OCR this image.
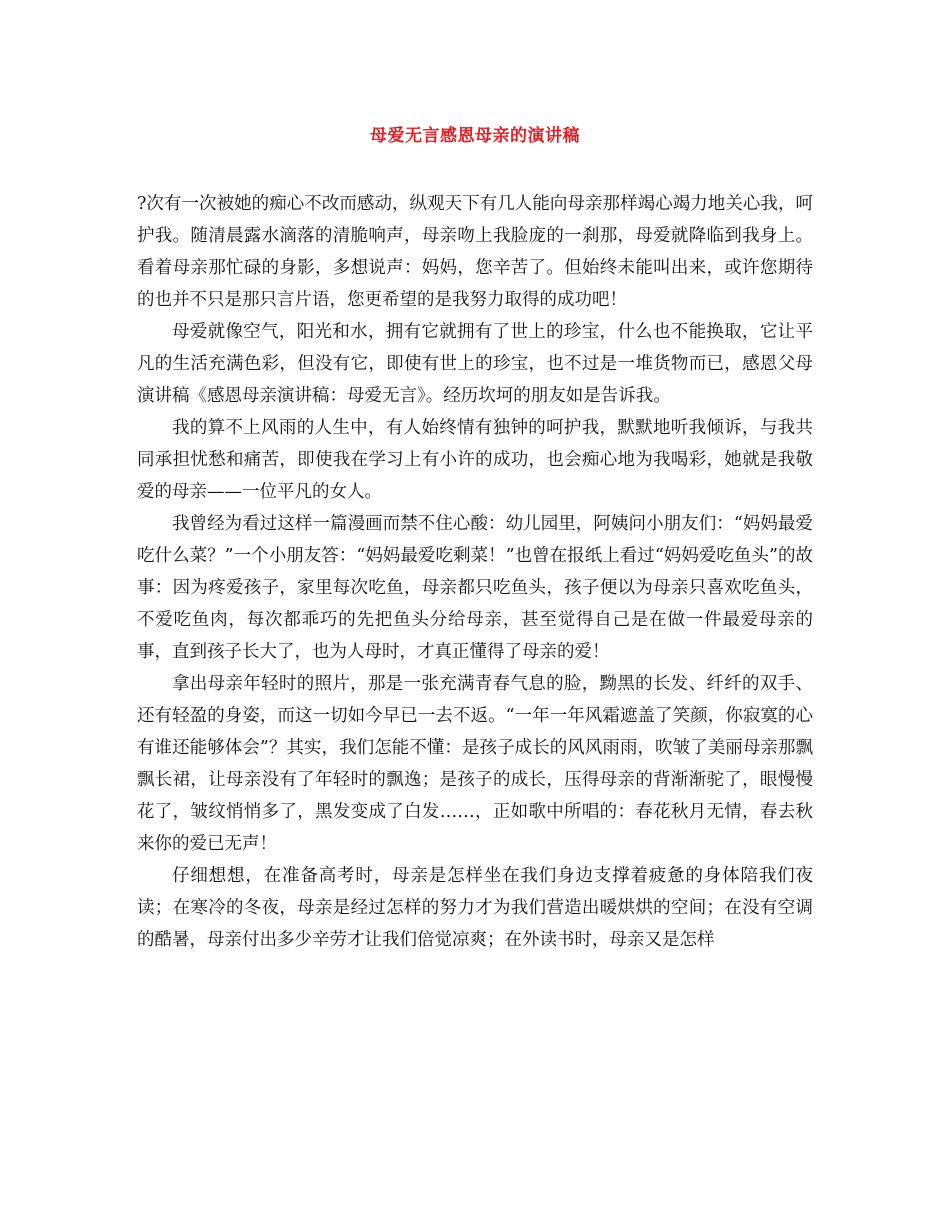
母爱无言感恩母亲的演讲稿

?次有一次被她的痴心不改而感动，纵观天下有几人能向母亲那样竭心竭力地关心我，呵护我。随清晨露水滴落的清脆响声，母亲吻上我脸庞的一刹那，母爱就降临到我身上。看着母亲那忙碌的身影，多想说声：妈妈，您辛苦了。但始终未能叫出来，或许您期待的也并不只是那只言片语，您更希望的是我努力取得的成功吧！

母爱就像空气，阳光和水，拥有它就拥有了世上的珍宝，什么也不能换取，它让平凡的生活充满色彩，但没有它，即使有世上的珍宝，也不过是一堆货物而已，感恩父母演讲稿《感恩母亲演讲稿：母爱无言》。经历坎坷的朋友如是告诉我。

我的算不上风雨的人生中，有人始终情有独钟的呵护我，默默地听我倾诉，与我共同承担忧愁和痛苦，即使我在学习上有小许的成功，也会痴心地为我喝彩，她就是我敬爱的母亲——一位平凡的女人。

我曾经为看过这样一篇漫画而禁不住心酸：幼儿园里，阿姨问小朋友们：“妈妈最爱吃什么菜？”一个小朋友答：“妈妈最爱吃剩菜！”也曾在报纸上看过“妈妈爱吃鱼头”的故事：因为疼爱孩子，家里每次吃鱼，母亲都只吃鱼头，孩子便以为母亲只喜欢吃鱼头，不爱吃鱼肉，每次都乖巧的先把鱼头分给母亲，甚至觉得自己是在做一件最爱母亲的事，直到孩子长大了，也为人母时，才真正懂得了母亲的爱！

拿出母亲年轻时的照片，那是一张充满青春气息的脸，黝黑的长发、纤纤的双手、还有轻盈的身姿，而这一切如今早已一去不返。“一年一年风霜遮盖了笑颜，你寂寞的心有谁还能够体会”？其实，我们怎能不懂：是孩子成长的风风雨雨，吹皱了美丽母亲那飘飘长裙，让母亲没有了年轻时的飘逸；是孩子的成长，压得母亲的背渐渐驼了，眼慢慢花了，皱纹悄悄多了，黑发变成了白发……，正如歌中所唱的：春花秋月无情，春去秋来你的爱已无声！

仔细想想，在准备高考时，母亲是怎样坐在我们身边支撑着疲惫的身体陪我们夜读；在寒冷的冬夜，母亲是经过怎样的努力才为我们营造出暖烘烘的空间；在没有空调的酷暑，母亲付出多少辛劳才让我们倍觉凉爽；在外读书时，母亲又是怎样
